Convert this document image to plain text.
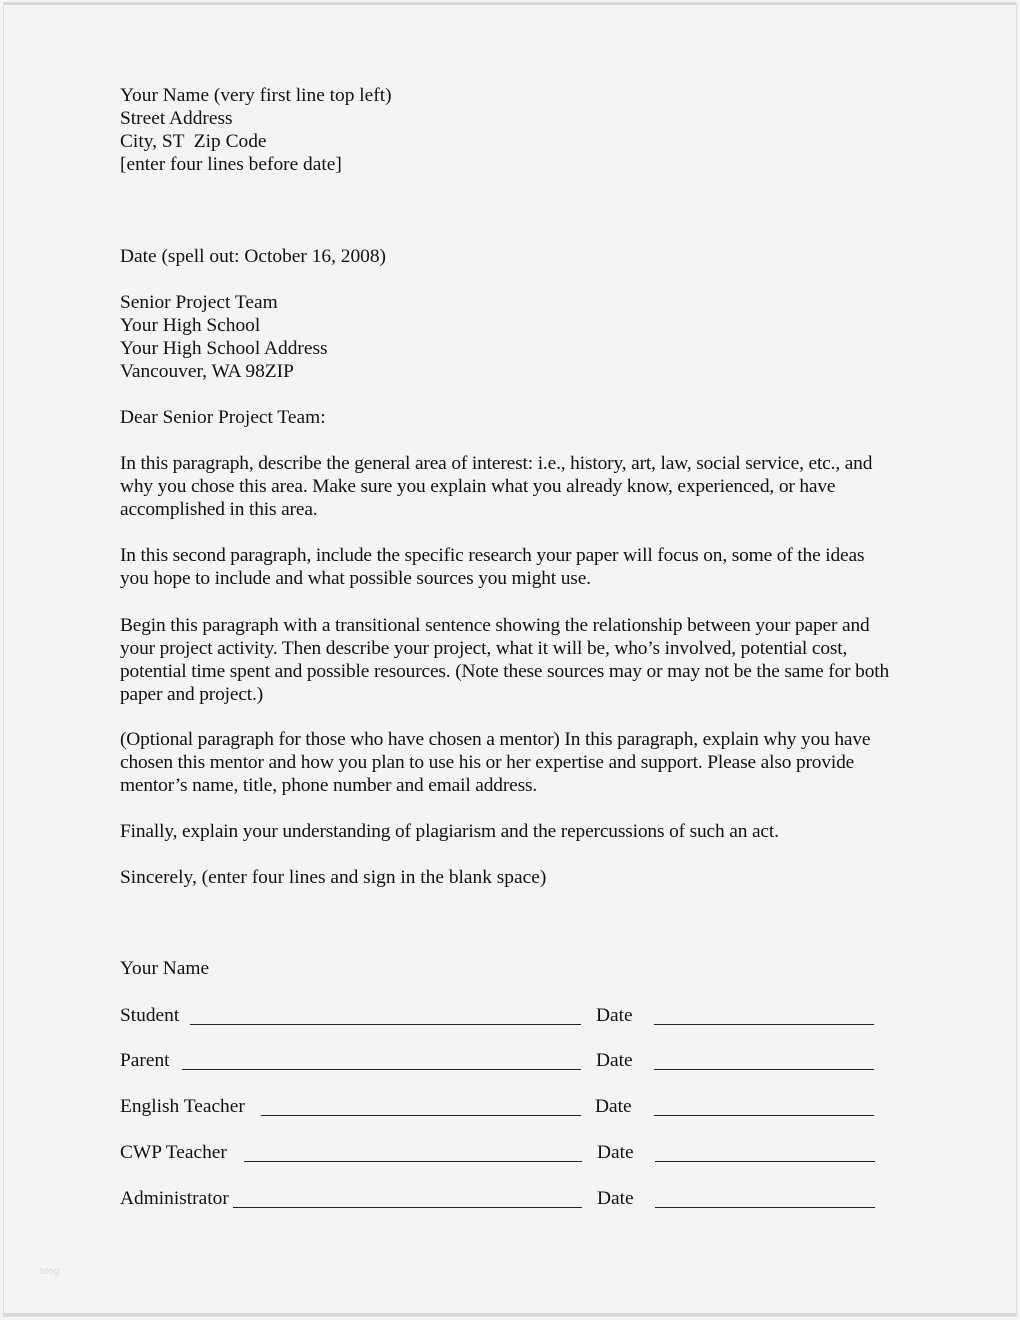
Your Name (very first line top left)
Street Address
City, ST  Zip Code
[enter four lines before date]
Date (spell out: October 16, 2008)
Senior Project Team
Your High School
Your High School Address
Vancouver, WA 98ZIP
Dear Senior Project Team:
In this paragraph, describe the general area of interest: i.e., history, art, law, social service, etc., and why you chose this area. Make sure you explain what you already know, experienced, or have accomplished in this area.
In this second paragraph, include the specific research your paper will focus on, some of the ideas you hope to include and what possible sources you might use.
Begin this paragraph with a transitional sentence showing the relationship between your paper and your project activity. Then describe your project, what it will be, who’s involved, potential cost, potential time spent and possible resources. (Note these sources may or may not be the same for both paper and project.)
(Optional paragraph for those who have chosen a mentor) In this paragraph, explain why you have chosen this mentor and how you plan to use his or her expertise and support. Please also provide mentor’s name, title, phone number and email address.
Finally, explain your understanding of plagiarism and the repercussions of such an act.
Sincerely, (enter four lines and sign in the blank space)
Your Name
Student	Date
Parent	Date
English Teacher	Date
CWP Teacher	Date
Administrator	Date
blog
